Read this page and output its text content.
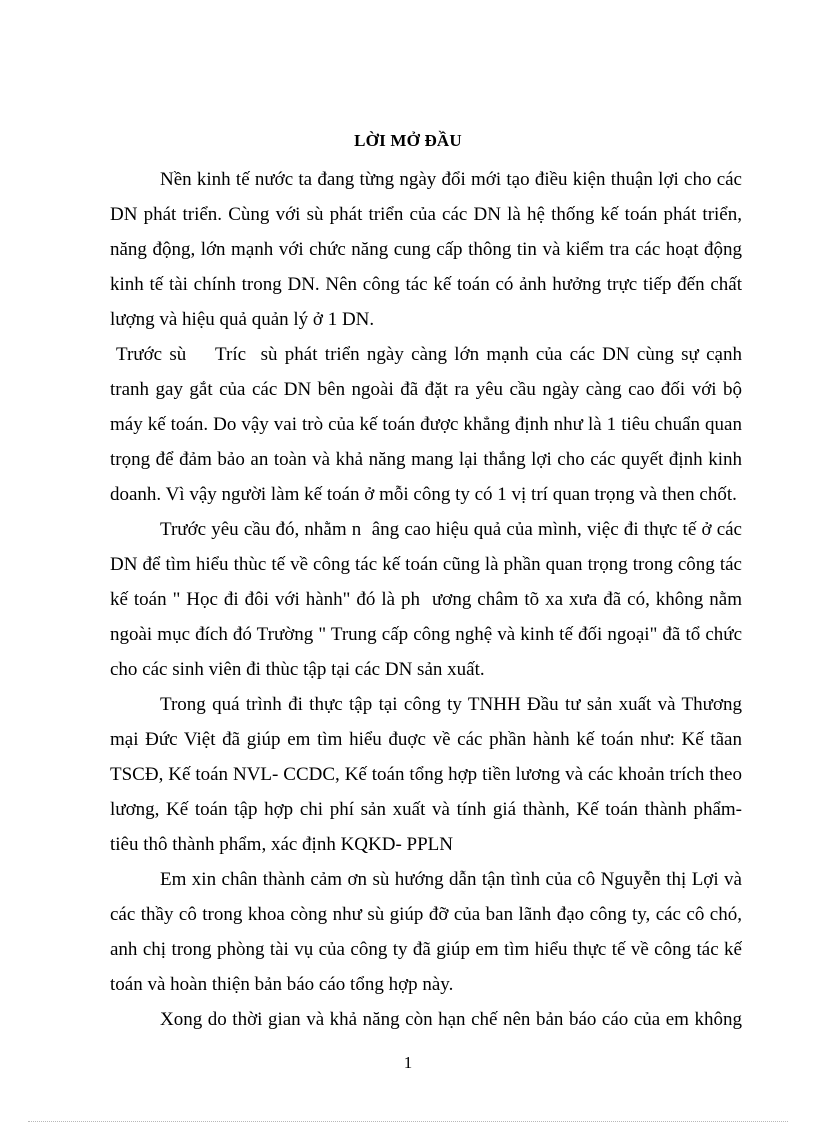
LỜI MỞ ĐẦU
Nền kinh tế nước ta đang từng ngày đổi mới tạo điều kiện thuận lợi cho các
DN phát triển. Cùng với sù phát triển của các DN là hệ thống kế toán phát triển,
năng động, lớn mạnh với chức năng cung cấp thông tin và kiểm tra các hoạt động
kinh tế tài chính trong DN. Nên công tác kế toán có ảnh hưởng trực tiếp đến chất
lượng và hiệu quả quản lý ở 1 DN.
Trước sù    Tríc  sù phát triển ngày càng lớn mạnh của các DN cùng sự cạnh
tranh gay gắt của các DN bên ngoài đã đặt ra yêu cầu ngày càng cao đối với bộ
máy kế toán. Do vậy vai trò của kế toán được khẳng định như là 1 tiêu chuẩn quan
trọng để đảm bảo an toàn và khả năng mang lại thắng lợi cho các quyết định kinh
doanh. Vì vậy người làm kế toán ở mỗi công ty có 1 vị trí quan trọng và then chốt.
Trước yêu cầu đó, nhằm n  âng cao hiệu quả của mình, việc đi thực tế ở các
DN để tìm hiểu thùc tế về công tác kế toán cũng là phần quan trọng trong công tác
kế toán " Học đi đôi với hành" đó là ph  ương châm tõ xa xưa đã có, không nằm
ngoài mục đích đó Trường " Trung cấp công nghệ và kinh tế đối ngoại" đã tổ chức
cho các sinh viên đi thùc tập tại các DN sản xuất.
Trong quá trình đi thực tập tại công ty TNHH Đầu tư sản xuất và Thương
mại Đức Việt đã giúp em tìm hiểu đuợc về các phần hành kế toán như: Kế tãan
TSCĐ, Kế toán NVL- CCDC, Kế toán tổng hợp tiền lương và các khoản trích theo
lương, Kế toán tập hợp chi phí sản xuất và tính giá thành, Kế toán thành phẩm-
tiêu thô thành phẩm, xác định KQKD- PPLN
Em xin chân thành cảm ơn sù hướng dẫn tận tình của cô Nguyễn thị Lợi và
các thầy cô trong khoa còng như sù giúp đỡ của ban lãnh đạo công ty, các cô chó,
anh chị trong phòng tài vụ của công ty đã giúp em tìm hiểu thực tế về công tác kế
toán và hoàn thiện bản báo cáo tổng hợp này.
Xong do thời gian và khả năng còn hạn chế nên bản báo cáo của em không
1
